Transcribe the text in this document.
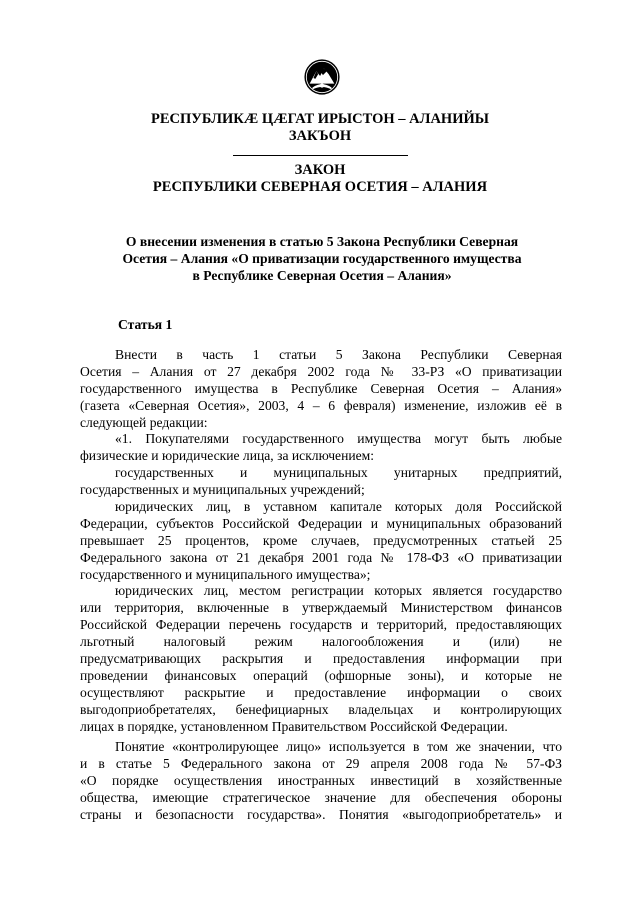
РЕСПУБЛИКÆ ЦÆГАТ ИРЫСТОН – АЛАНИЙЫ
ЗАКЪОН
ЗАКОН
РЕСПУБЛИКИ СЕВЕРНАЯ ОСЕТИЯ – АЛАНИЯ
О внесении изменения в статью 5 Закона Республики Северная
Осетия – Алания «О приватизации государственного имущества
в Республике Северная Осетия – Алания»
Статья 1
Внести в часть 1 статьи 5 Закона Республики Северная
Осетия – Алания от 27 декабря 2002 года № 33-РЗ «О приватизации
государственного имущества в Республике Северная Осетия – Алания»
(газета «Северная Осетия», 2003, 4 – 6 февраля) изменение, изложив её в
следующей редакции:
«1. Покупателями государственного имущества могут быть любые
физические и юридические лица, за исключением:
государственных и муниципальных унитарных предприятий,
государственных и муниципальных учреждений;
юридических лиц, в уставном капитале которых доля Российской
Федерации, субъектов Российской Федерации и муниципальных образований
превышает 25 процентов, кроме случаев, предусмотренных статьей 25
Федерального закона от 21 декабря 2001 года № 178-ФЗ «О приватизации
государственного и муниципального имущества»;
юридических лиц, местом регистрации которых является государство
или территория, включенные в утверждаемый Министерством финансов
Российской Федерации перечень государств и территорий, предоставляющих
льготный налоговый режим налогообложения и (или) не
предусматривающих раскрытия и предоставления информации при
проведении финансовых операций (офшорные зоны), и которые не
осуществляют раскрытие и предоставление информации о своих
выгодоприобретателях, бенефициарных владельцах и контролирующих
лицах в порядке, установленном Правительством Российской Федерации.
Понятие «контролирующее лицо» используется в том же значении, что
и в статье 5 Федерального закона от 29 апреля 2008 года № 57-ФЗ
«О порядке осуществления иностранных инвестиций в хозяйственные
общества, имеющие стратегическое значение для обеспечения обороны
страны и безопасности государства». Понятия «выгодоприобретатель» и
